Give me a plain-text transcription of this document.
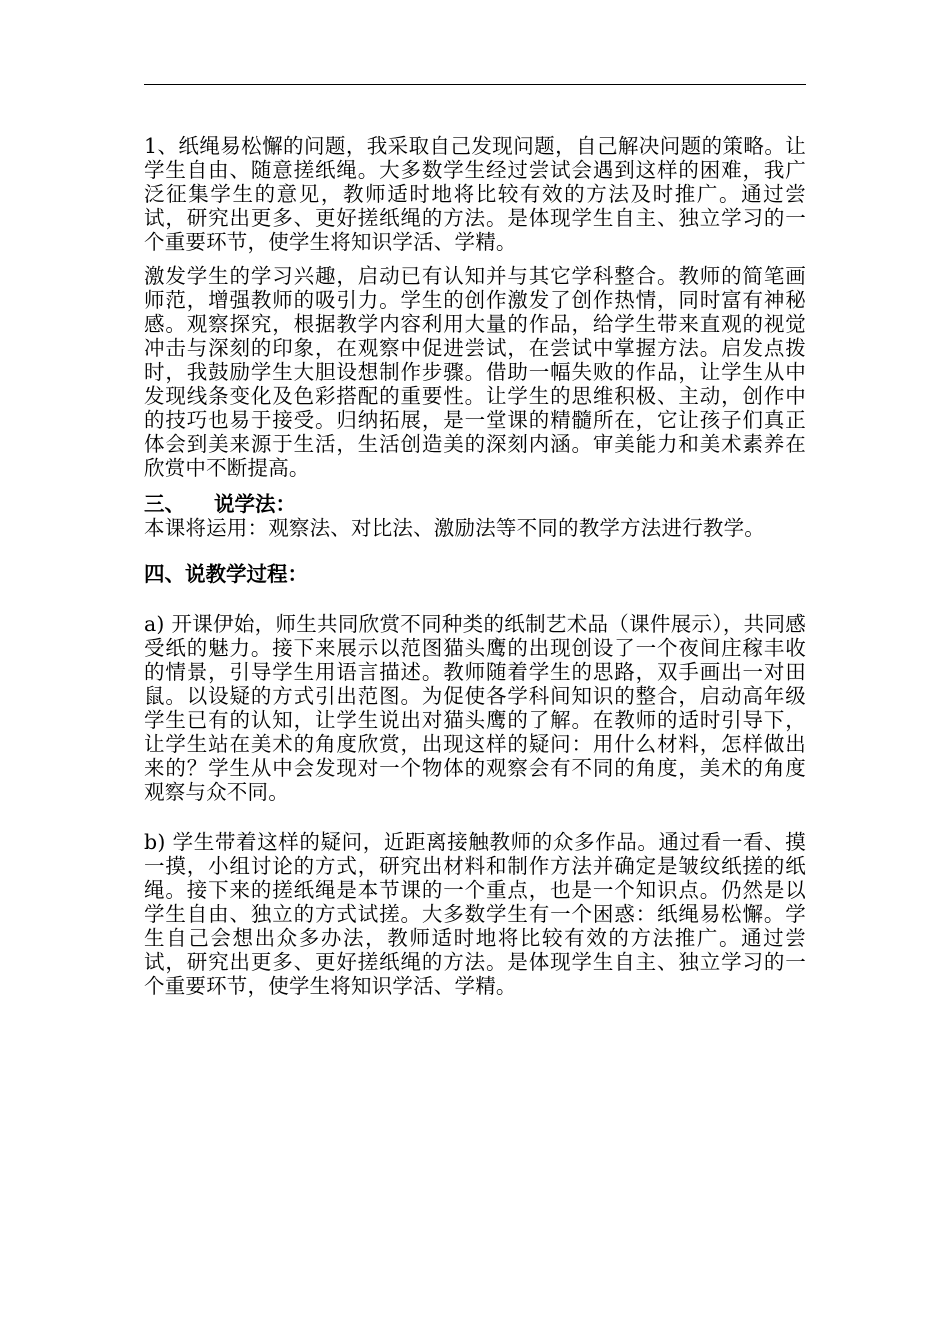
1、纸绳易松懈的问题，我采取自己发现问题，自己解决问题的策略。让学生自由、随意搓纸绳。大多数学生经过尝试会遇到这样的困难，我广泛征集学生的意见，教师适时地将比较有效的方法及时推广。通过尝试，研究出更多、更好搓纸绳的方法。是体现学生自主、独立学习的一个重要环节，使学生将知识学活、学精。

激发学生的学习兴趣，启动已有认知并与其它学科整合。教师的简笔画师范，增强教师的吸引力。学生的创作激发了创作热情，同时富有神秘感。观察探究，根据教学内容利用大量的作品，给学生带来直观的视觉冲击与深刻的印象，在观察中促进尝试，在尝试中掌握方法。启发点拨时，我鼓励学生大胆设想制作步骤。借助一幅失败的作品，让学生从中发现线条变化及色彩搭配的重要性。让学生的思维积极、主动，创作中的技巧也易于接受。归纳拓展，是一堂课的精髓所在，它让孩子们真正体会到美来源于生活，生活创造美的深刻内涵。审美能力和美术素养在欣赏中不断提高。

三、 说学法：

本课将运用：观察法、对比法、激励法等不同的教学方法进行教学。

四、说教学过程：

a) 开课伊始，师生共同欣赏不同种类的纸制艺术品（课件展示），共同感受纸的魅力。接下来展示以范图猫头鹰的出现创设了一个夜间庄稼丰收的情景，引导学生用语言描述。教师随着学生的思路，双手画出一对田鼠。以设疑的方式引出范图。为促使各学科间知识的整合，启动高年级学生已有的认知，让学生说出对猫头鹰的了解。在教师的适时引导下，让学生站在美术的角度欣赏，出现这样的疑问：用什么材料，怎样做出来的？学生从中会发现对一个物体的观察会有不同的角度，美术的角度观察与众不同。

b) 学生带着这样的疑问，近距离接触教师的众多作品。通过看一看、摸一摸，小组讨论的方式，研究出材料和制作方法并确定是皱纹纸搓的纸绳。接下来的搓纸绳是本节课的一个重点，也是一个知识点。仍然是以学生自由、独立的方式试搓。大多数学生有一个困惑：纸绳易松懈。学生自己会想出众多办法，教师适时地将比较有效的方法推广。通过尝试，研究出更多、更好搓纸绳的方法。是体现学生自主、独立学习的一个重要环节，使学生将知识学活、学精。
